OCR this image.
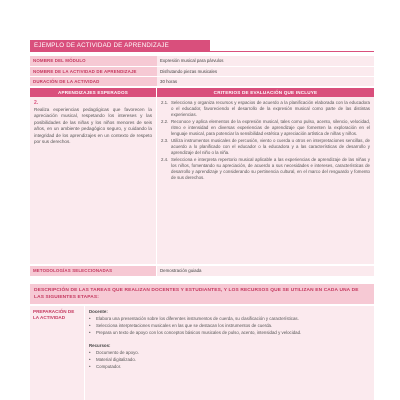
EJEMPLO DE ACTIVIDAD DE APRENDIZAJE
NOMBRE DEL MÓDULO	Expresión musical para párvulos
NOMBRE DE LA ACTIVIDAD DE APRENDIZAJE	Disfrutando piezas musicales
DURACIÓN DE LA ACTIVIDAD	30 horas
APRENDIZAJES ESPERADOS	CRITERIOS DE EVALUACIÓN QUE INCLUYE
2.
Realiza experiencias pedagógicas que favorecen la apreciación musical, respetando los intereses y las posibilidades de las niñas y los niños menores de seis años, en un ambiente pedagógico seguro, y cuidando la integridad de los aprendizajes en un contexto de respeto por sus derechos.
2.1. Selecciona y organiza recursos y espacios de acuerdo a la planificación elaborada con la educadora o el educador, favoreciendo el desarrollo de la expresión musical como parte de las distintas experiencias.
2.2. Reconoce y aplica elementos de la expresión musical, tales como pulso, acento, silencio, velocidad, ritmo e intensidad en diversas experiencias de aprendizaje que fomenten la exploración en el lenguaje musical, para potenciar la sensibilidad estética y apreciación artística de niñas y niños.
2.3. Utiliza instrumentos musicales de percusión, viento o cuerda u otros en interpretaciones sencillas, de acuerdo a lo planificado con el educador o la educadora y a las características de desarrollo y aprendizaje del niño o la niña.
2.4. Selecciona e interpreta repertorio musical aplicable a las experiencias de aprendizaje de las niñas y los niños, fomentando su apreciación, de acuerdo a sus necesidades e intereses, características de desarrollo y aprendizaje y considerando su pertinencia cultural, en el marco del resguardo y fomento de sus derechos.
METODOLOGÍAS SELECCIONADAS	Demostración guiada
DESCRIPCIÓN DE LAS TAREAS QUE REALIZAN DOCENTES Y ESTUDIANTES, Y LOS RECURSOS QUE SE UTILIZAN EN CADA UNA DE LAS SIGUIENTES ETAPAS:
PREPARACIÓN DE LA ACTIVIDAD
Docente:
•	Elabora una presentación sobre los diferentes instrumentos de cuerda, su clasificación y características.
•	Selecciona interpretaciones musicales en las que se destacan los instrumentos de cuerda.
•	Prepara un texto de apoyo con los conceptos básicos musicales de pulso, acento, intensidad y velocidad.
Recursos:
•	Documento de apoyo.
•	Material digitalizado.
•	Computador.
